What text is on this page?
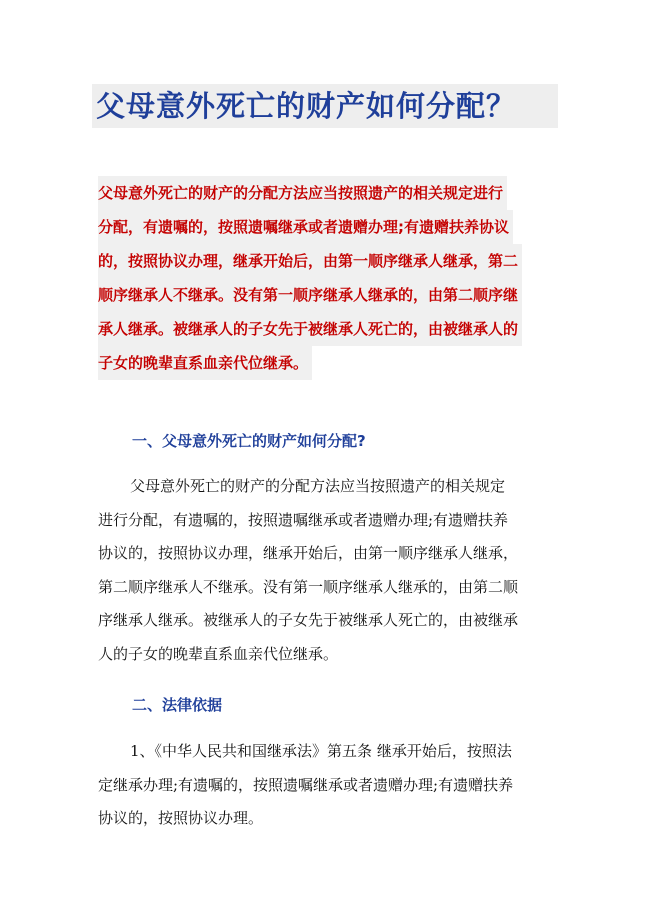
父母意外死亡的财产如何分配？
父母意外死亡的财产的分配方法应当按照遗产的相关规定进行
分配，有遗嘱的，按照遗嘱继承或者遗赠办理;有遗赠扶养协议
的，按照协议办理，继承开始后，由第一顺序继承人继承，第二
顺序继承人不继承。没有第一顺序继承人继承的，由第二顺序继
承人继承。被继承人的子女先于被继承人死亡的，由被继承人的
子女的晚辈直系血亲代位继承。
一、父母意外死亡的财产如何分配?
父母意外死亡的财产的分配方法应当按照遗产的相关规定
进行分配，有遗嘱的，按照遗嘱继承或者遗赠办理;有遗赠扶养
协议的，按照协议办理，继承开始后，由第一顺序继承人继承，
第二顺序继承人不继承。没有第一顺序继承人继承的，由第二顺
序继承人继承。被继承人的子女先于被继承人死亡的，由被继承
人的子女的晚辈直系血亲代位继承。
二、法律依据
1、《中华人民共和国继承法》第五条 继承开始后，按照法
定继承办理;有遗嘱的，按照遗嘱继承或者遗赠办理;有遗赠扶养
协议的，按照协议办理。
